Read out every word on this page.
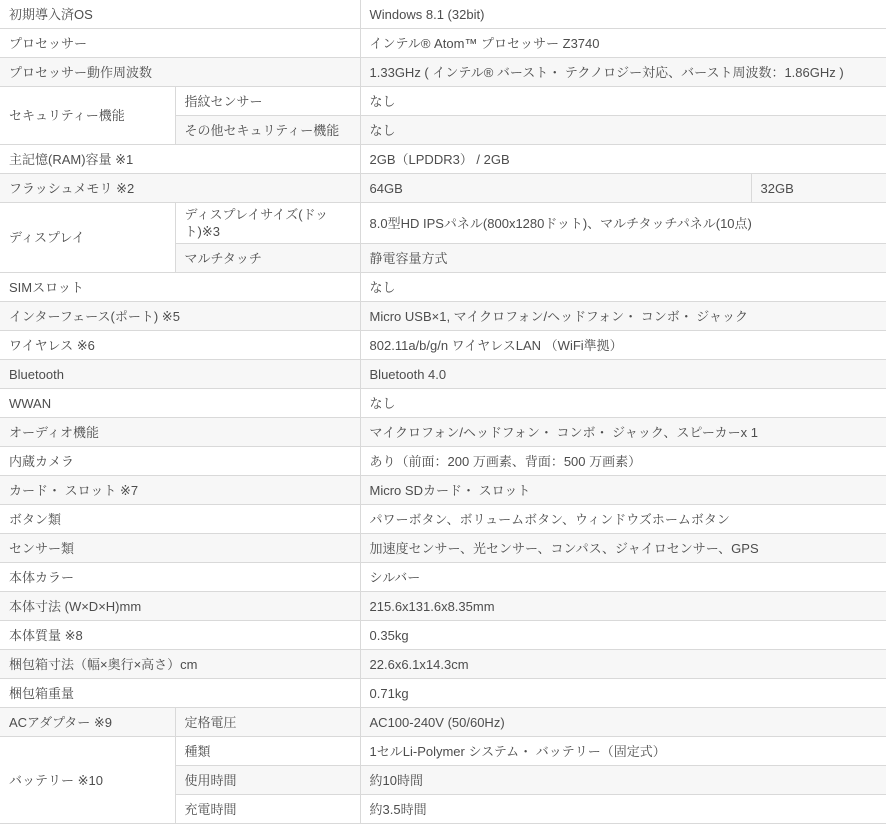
初期導入済OS		Windows 8.1 (32bit)	
プロセッサー		インテル® Atom™ プロセッサー Z3740	
プロセッサー動作周波数		1.33GHz ( インテル® バースト・ テクノロジー対応、バースト周波数：1.86GHz )	
セキュリティー機能	指紋センサー	なし	
	その他セキュリティー機能	なし	
主記憶(RAM)容量 ※1		2GB（LPDDR3） / 2GB	
フラッシュメモリ ※2		64GB	32GB
ディスプレイ	ディスプレイサイズ(ドット)※3	8.0型HD IPSパネル(800x1280ドット)、マルチタッチパネル(10点)	
	マルチタッチ	静電容量方式	
SIMスロット		なし	
インターフェース(ポート) ※5		Micro USB×1, マイクロフォン/ヘッドフォン・ コンボ・ ジャック	
ワイヤレス ※6		802.11a/b/g/n ワイヤレスLAN （WiFi準拠）	
Bluetooth		Bluetooth 4.0	
WWAN		なし	
オーディオ機能		マイクロフォン/ヘッドフォン・ コンボ・ ジャック、スピーカーx 1	
内蔵カメラ		あり（前面：200 万画素、背面：500 万画素）	
カード・ スロット ※7		Micro SDカード・ スロット	
ボタン類		パワーボタン、ボリュームボタン、ウィンドウズホームボタン	
センサー類		加速度センサー、光センサー、コンパス、ジャイロセンサー、GPS	
本体カラー		シルバー	
本体寸法 (W×D×H)mm		215.6x131.6x8.35mm	
本体質量 ※8		0.35kg	
梱包箱寸法（幅×奥行×高さ）cm		22.6x6.1x14.3cm	
梱包箱重量		0.71kg	
ACアダプター ※9	定格電圧	AC100-240V (50/60Hz)	
バッテリー ※10	種類	1セルLi-Polymer システム・ バッテリー（固定式）	
	使用時間	約10時間	
	充電時間	約3.5時間	
